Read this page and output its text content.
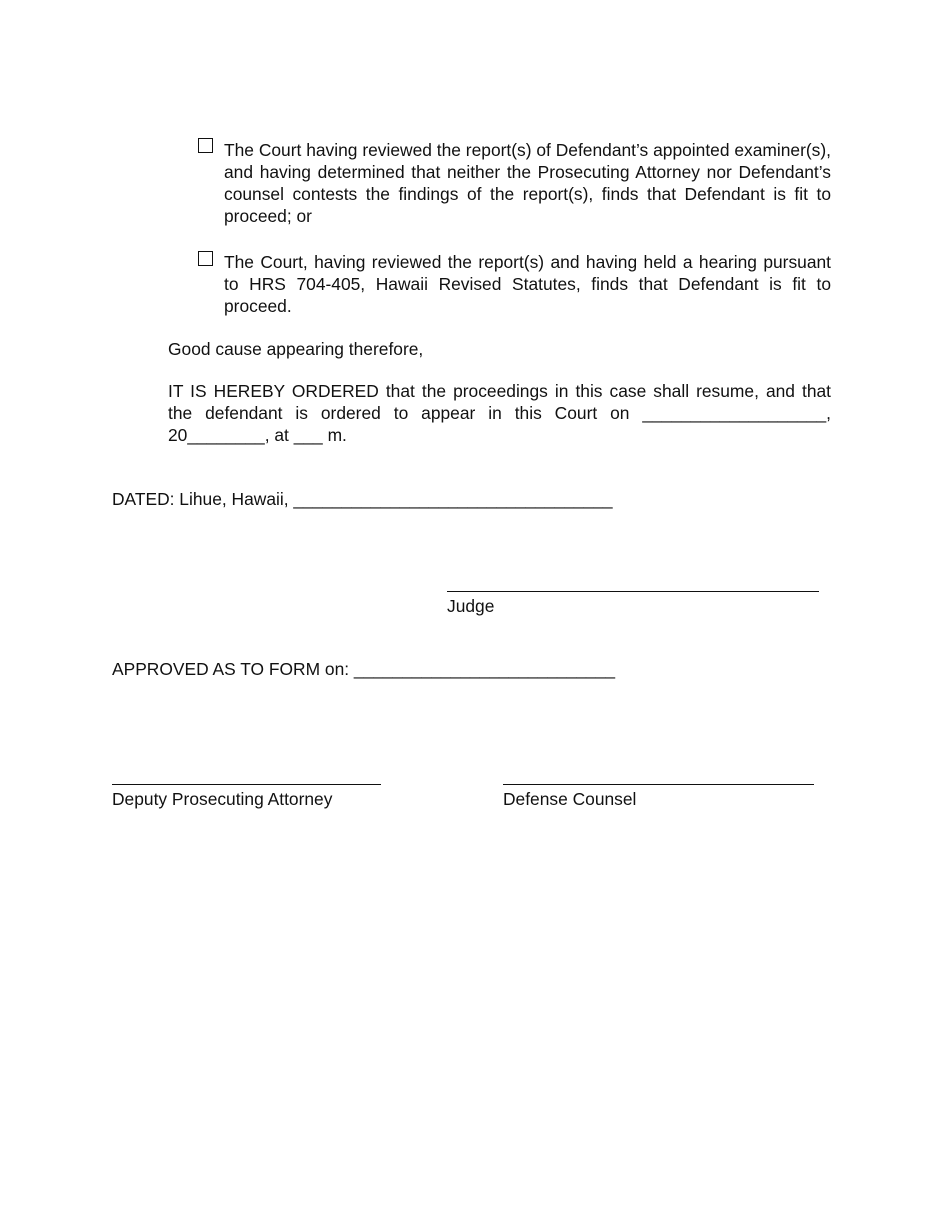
The Court having reviewed the report(s) of Defendant’s appointed examiner(s), and having determined that neither the Prosecuting Attorney nor Defendant’s counsel contests the findings of the report(s), finds that Defendant is fit to proceed; or
The Court, having reviewed the report(s) and having held a hearing pursuant to HRS 704-405, Hawaii Revised Statutes, finds that Defendant is fit to proceed.
Good cause appearing therefore,
IT IS HEREBY ORDERED that the proceedings in this case shall resume, and that the defendant is ordered to appear in this Court on ___________________, 20________, at ___ m.
DATED: Lihue, Hawaii, _________________________________
Judge
APPROVED AS TO FORM on: ___________________________
Deputy Prosecuting Attorney	Defense Counsel
